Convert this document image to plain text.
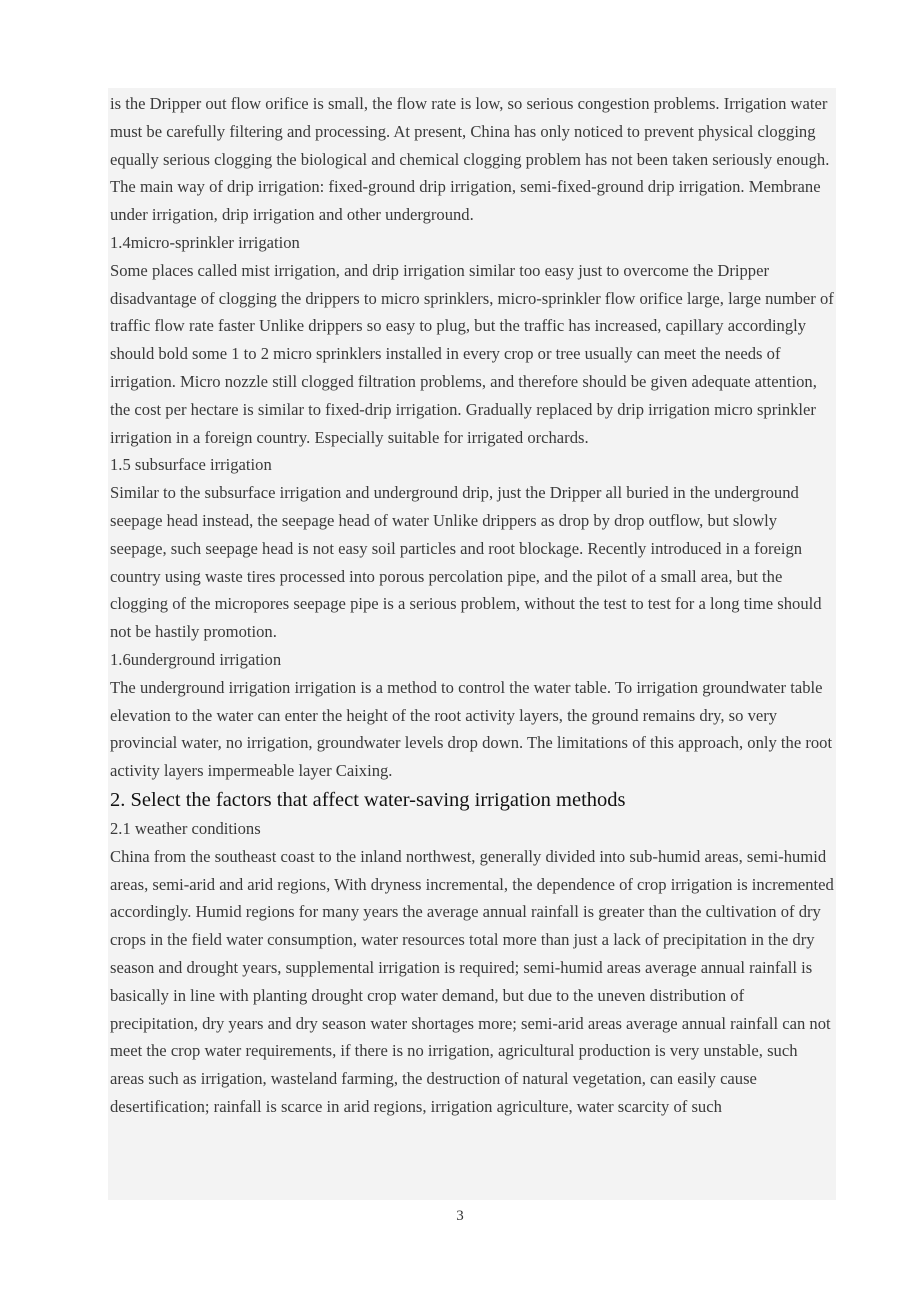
is the Dripper out flow orifice is small, the flow rate is low, so serious congestion problems. Irrigation water must be carefully filtering and processing. At present, China has only noticed to prevent physical clogging equally serious clogging the biological and chemical clogging problem has not been taken seriously enough. The main way of drip irrigation: fixed-ground drip irrigation, semi-fixed-ground drip irrigation. Membrane under irrigation, drip irrigation and other underground.

1.4micro-sprinkler irrigation

Some places called mist irrigation, and drip irrigation similar too easy just to overcome the Dripper disadvantage of clogging the drippers to micro sprinklers, micro-sprinkler flow orifice large, large number of traffic flow rate faster Unlike drippers so easy to plug, but the traffic has increased, capillary accordingly should bold some 1 to 2 micro sprinklers installed in every crop or tree usually can meet the needs of irrigation. Micro nozzle still clogged filtration problems, and therefore should be given adequate attention, the cost per hectare is similar to fixed-drip irrigation. Gradually replaced by drip irrigation micro sprinkler irrigation in a foreign country. Especially suitable for irrigated orchards.

1.5 subsurface irrigation

Similar to the subsurface irrigation and underground drip, just the Dripper all buried in the underground seepage head instead, the seepage head of water Unlike drippers as drop by drop outflow, but slowly seepage, such seepage head is not easy soil particles and root blockage. Recently introduced in a foreign country using waste tires processed into porous percolation pipe, and the pilot of a small area, but the clogging of the micropores seepage pipe is a serious problem, without the test to test for a long time should not be hastily promotion.

1.6underground irrigation

The underground irrigation irrigation is a method to control the water table. To irrigation groundwater table elevation to the water can enter the height of the root activity layers, the ground remains dry, so very provincial water, no irrigation, groundwater levels drop down. The limitations of this approach, only the root activity layers impermeable layer Caixing.

2. Select the factors that affect water-saving irrigation methods

2.1 weather conditions

China from the southeast coast to the inland northwest, generally divided into sub-humid areas, semi-humid areas, semi-arid and arid regions, With dryness incremental, the dependence of crop irrigation is incremented accordingly. Humid regions for many years the average annual rainfall is greater than the cultivation of dry crops in the field water consumption, water resources total more than just a lack of precipitation in the dry season and drought years, supplemental irrigation is required; semi-humid areas average annual rainfall is basically in line with planting drought crop water demand, but due to the uneven distribution of precipitation, dry years and dry season water shortages more; semi-arid areas average annual rainfall can not meet the crop water requirements, if there is no irrigation, agricultural production is very unstable, such areas such as irrigation, wasteland farming, the destruction of natural vegetation, can easily cause desertification; rainfall is scarce in arid regions, irrigation agriculture, water scarcity of such

3
